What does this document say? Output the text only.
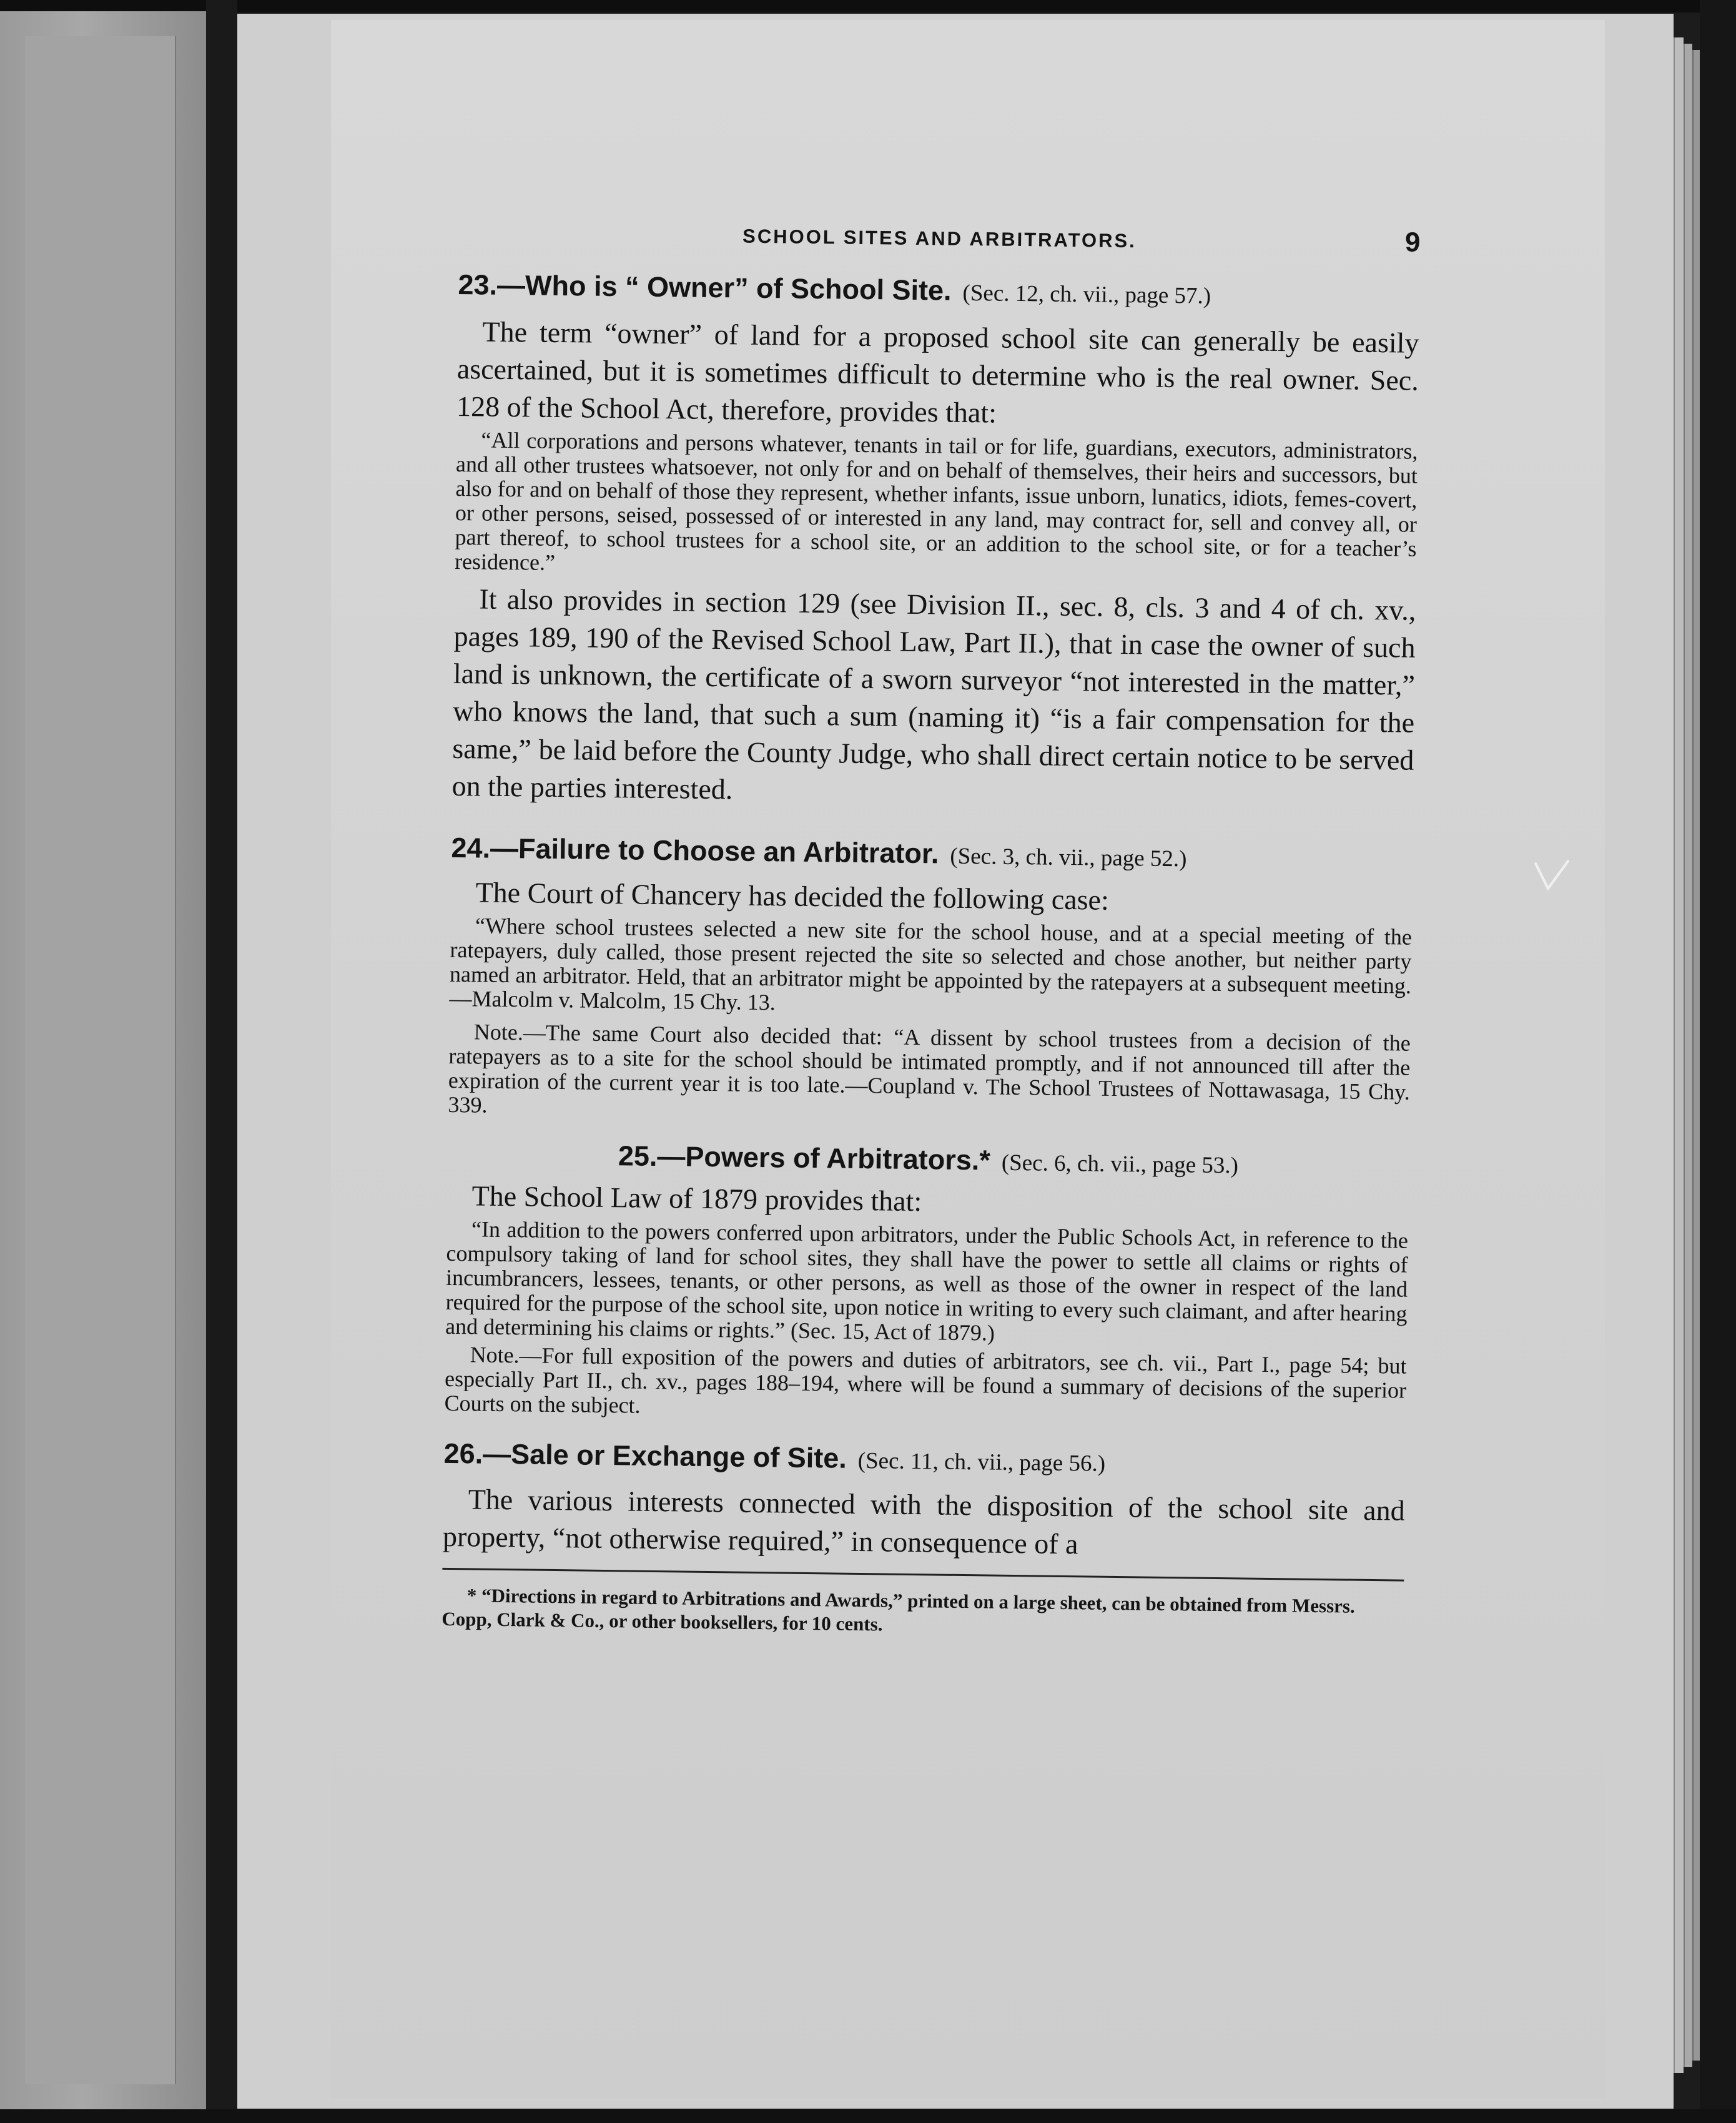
SCHOOL SITES AND ARBITRATORS.	9

23.—Who is “ Owner” of School Site. (Sec. 12, ch. vii., page 57.)

The term “owner” of land for a proposed school site can generally be easily ascertained, but it is sometimes difficult to determine who is the real owner. Sec. 128 of the School Act, therefore, provides that:

“All corporations and persons whatever, tenants in tail or for life, guardians, executors, administrators, and all other trustees whatsoever, not only for and on behalf of themselves, their heirs and successors, but also for and on behalf of those they represent, whether infants, issue unborn, lunatics, idiots, femes-covert, or other persons, seised, possessed of or interested in any land, may contract for, sell and convey all, or part thereof, to school trustees for a school site, or an addition to the school site, or for a teacher’s residence.”

It also provides in section 129 (see Division II., sec. 8, cls. 3 and 4 of ch. xv., pages 189, 190 of the Revised School Law, Part II.), that in case the owner of such land is unknown, the certificate of a sworn surveyor “not interested in the matter,” who knows the land, that such a sum (naming it) “is a fair compensation for the same,” be laid before the County Judge, who shall direct certain notice to be served on the parties interested.

24.—Failure to Choose an Arbitrator. (Sec. 3, ch. vii., page 52.)

The Court of Chancery has decided the following case:

“Where school trustees selected a new site for the school house, and at a special meeting of the ratepayers, duly called, those present rejected the site so selected and chose another, but neither party named an arbitrator. Held, that an arbitrator might be appointed by the ratepayers at a subsequent meeting.—Malcolm v. Malcolm, 15 Chy. 13.

Note.—The same Court also decided that: “A dissent by school trustees from a decision of the ratepayers as to a site for the school should be intimated promptly, and if not announced till after the expiration of the current year it is too late.—Coupland v. The School Trustees of Nottawasaga, 15 Chy. 339.

25.—Powers of Arbitrators.* (Sec. 6, ch. vii., page 53.)

The School Law of 1879 provides that:

“In addition to the powers conferred upon arbitrators, under the Public Schools Act, in reference to the compulsory taking of land for school sites, they shall have the power to settle all claims or rights of incumbrancers, lessees, tenants, or other persons, as well as those of the owner in respect of the land required for the purpose of the school site, upon notice in writing to every such claimant, and after hearing and determining his claims or rights.” (Sec. 15, Act of 1879.)

Note.—For full exposition of the powers and duties of arbitrators, see ch. vii., Part I., page 54; but especially Part II., ch. xv., pages 188–194, where will be found a summary of decisions of the superior Courts on the subject.

26.—Sale or Exchange of Site. (Sec. 11, ch. vii., page 56.)

The various interests connected with the disposition of the school site and property, “not otherwise required,” in consequence of a

* “Directions in regard to Arbitrations and Awards,” printed on a large sheet, can be obtained from Messrs. Copp, Clark & Co., or other booksellers, for 10 cents.
